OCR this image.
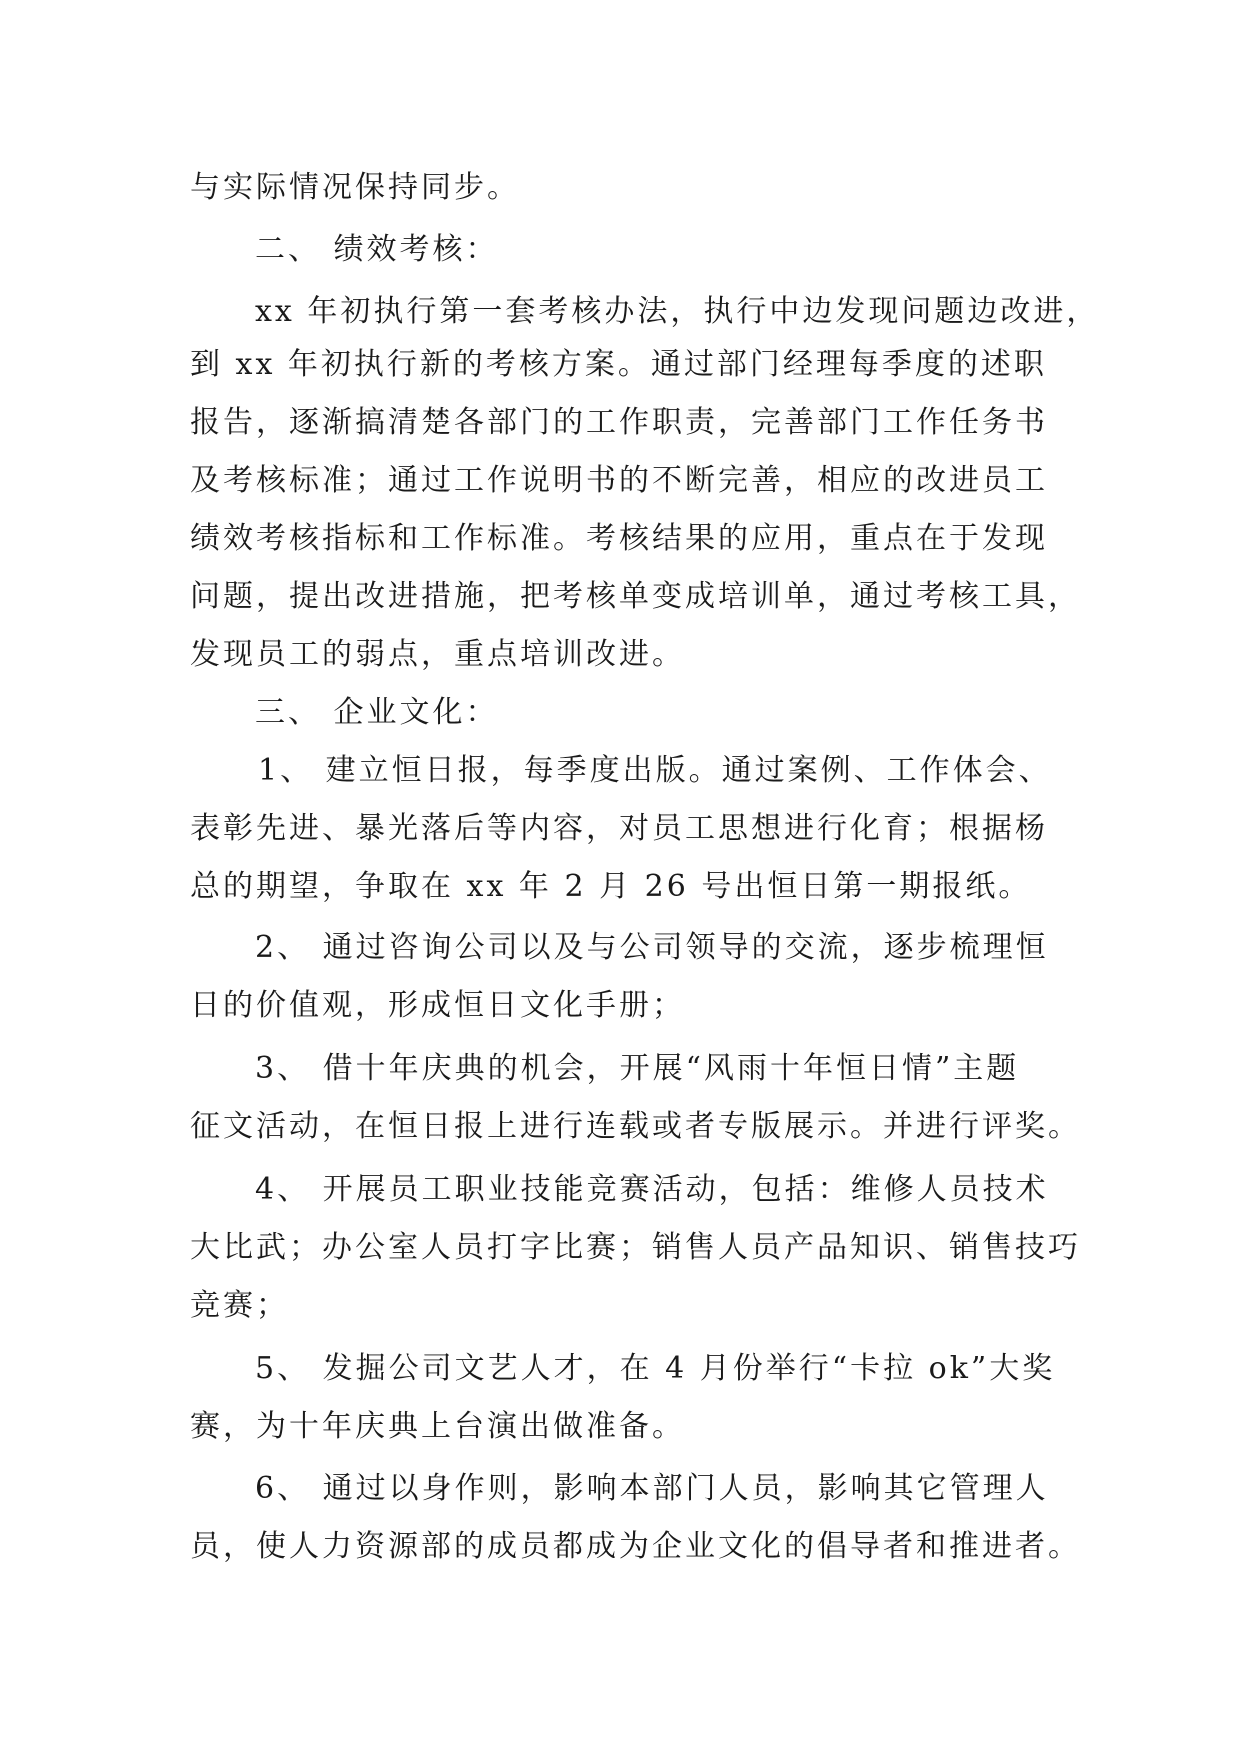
与实际情况保持同步。
二、 绩效考核：
xx 年初执行第一套考核办法，执行中边发现问题边改进，
到 xx 年初执行新的考核方案。通过部门经理每季度的述职
报告，逐渐搞清楚各部门的工作职责，完善部门工作任务书
及考核标准；通过工作说明书的不断完善，相应的改进员工
绩效考核指标和工作标准。考核结果的应用，重点在于发现
问题，提出改进措施，把考核单变成培训单，通过考核工具，
发现员工的弱点，重点培训改进。
三、 企业文化：
1、 建立恒日报，每季度出版。通过案例、工作体会、
表彰先进、暴光落后等内容，对员工思想进行化育；根据杨
总的期望，争取在 xx 年 2 月 26 号出恒日第一期报纸。
2、 通过咨询公司以及与公司领导的交流，逐步梳理恒
日的价值观，形成恒日文化手册；
3、 借十年庆典的机会，开展“风雨十年恒日情”主题
征文活动，在恒日报上进行连载或者专版展示。并进行评奖。
4、 开展员工职业技能竞赛活动，包括：维修人员技术
大比武；办公室人员打字比赛；销售人员产品知识、销售技巧
竞赛；
5、 发掘公司文艺人才，在 4 月份举行“卡拉 ok”大奖
赛，为十年庆典上台演出做准备。
6、 通过以身作则，影响本部门人员，影响其它管理人
员，使人力资源部的成员都成为企业文化的倡导者和推进者。
